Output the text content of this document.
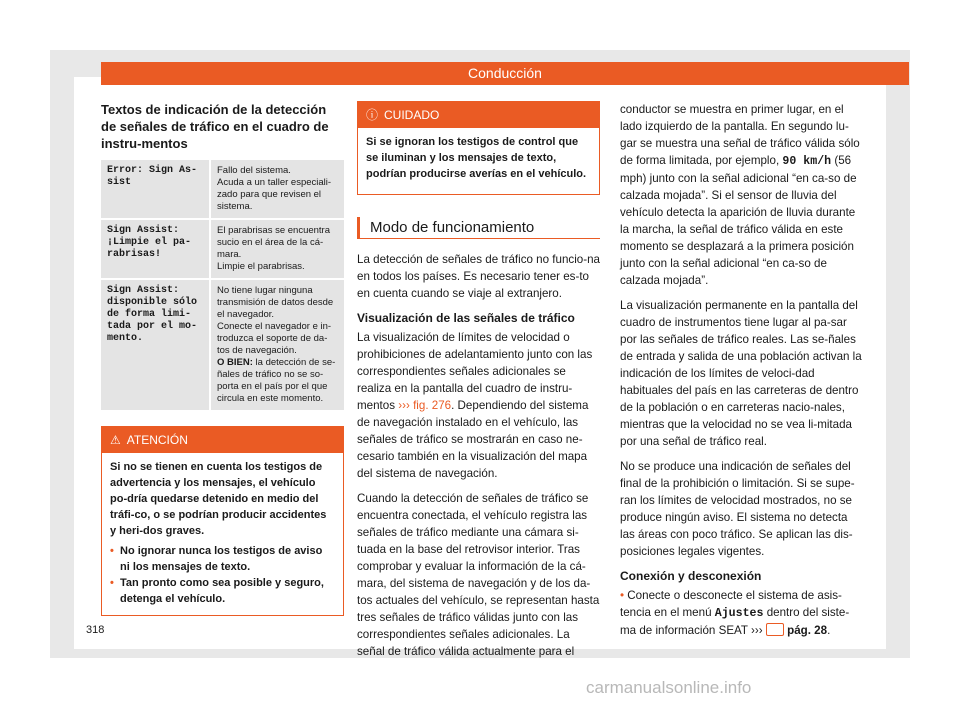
Conducción
Textos de indicación de la detección de señales de tráfico en el cuadro de instru-mentos
Error: Sign As-sist	Fallo del sistema.

Acuda a un taller especiali-zado para que revisen el sistema.

Sign Assist: ¡Limpie el pa-rabrisas!	El parabrisas se encuentra sucio en el área de la cá-mara.

Limpie el parabrisas.

Sign Assist: disponible sólo de forma limi-tada por el mo-mento.	No tiene lugar ninguna transmisión de datos desde el navegador.

Conecte el navegador e in-troduzca el soporte de da-tos de navegación.

O BIEN: la detección de se-ñales de tráfico no se so-porta en el país por el que circula en este momento.

⚠ ATENCIÓN

Si no se tienen en cuenta los testigos de advertencia y los mensajes, el vehículo po-dría quedarse detenido en medio del tráfi-co, o se podrían producir accidentes y heri-dos graves.

• No ignorar nunca los testigos de aviso ni los mensajes de texto.
• Tan pronto como sea posible y seguro, detenga el vehículo.
ⓘ CUIDADO

Si se ignoran los testigos de control que se iluminan y los mensajes de texto, podrían producirse averías en el vehículo.

Modo de funcionamiento

La detección de señales de tráfico no funcio-na en todos los países. Es necesario tener es-to en cuenta cuando se viaje al extranjero.

Visualización de las señales de tráfico

La visualización de límites de velocidad o prohibiciones de adelantamiento junto con las correspondientes señales adicionales se realiza en la pantalla del cuadro de instru-mentos ››› fig. 276. Dependiendo del sistema de navegación instalado en el vehículo, las señales de tráfico se mostrarán en caso ne-cesario también en la visualización del mapa del sistema de navegación.

Cuando la detección de señales de tráfico se encuentra conectada, el vehículo registra las señales de tráfico mediante una cámara si-tuada en la base del retrovisor interior. Tras comprobar y evaluar la información de la cá-mara, del sistema de navegación y de los da-tos actuales del vehículo, se representan hasta tres señales de tráfico válidas junto con las correspondientes señales adicionales. La señal de tráfico válida actualmente para el

conductor se muestra en primer lugar, en el lado izquierdo de la pantalla. En segundo lu-gar se muestra una señal de tráfico válida sólo de forma limitada, por ejemplo, 90 km/h (56 mph) junto con la señal adicional “en ca-so de calzada mojada”. Si el sensor de lluvia del vehículo detecta la aparición de lluvia durante la marcha, la señal de tráfico válida en este momento se desplazará a la primera posición junto con la señal adicional “en ca-so de calzada mojada”.

La visualización permanente en la pantalla del cuadro de instrumentos tiene lugar al pa-sar por las señales de tráfico reales. Las se-ñales de entrada y salida de una población activan la indicación de los límites de veloci-dad habituales del país en las carreteras de dentro de la población o en carreteras nacio-nales, mientras que la velocidad no se vea li-mitada por una señal de tráfico real.

No se produce una indicación de señales del final de la prohibición o limitación. Si se supe-ran los límites de velocidad mostrados, no se produce ningún aviso. El sistema no detecta las áreas con poco tráfico. Se aplican las dis-posiciones legales vigentes.

Conexión y desconexión

• Conecte o desconecte el sistema de asis-tencia en el menú Ajustes dentro del siste-ma de información SEAT ››› pág. 28.

318
carmanualsonline.info
